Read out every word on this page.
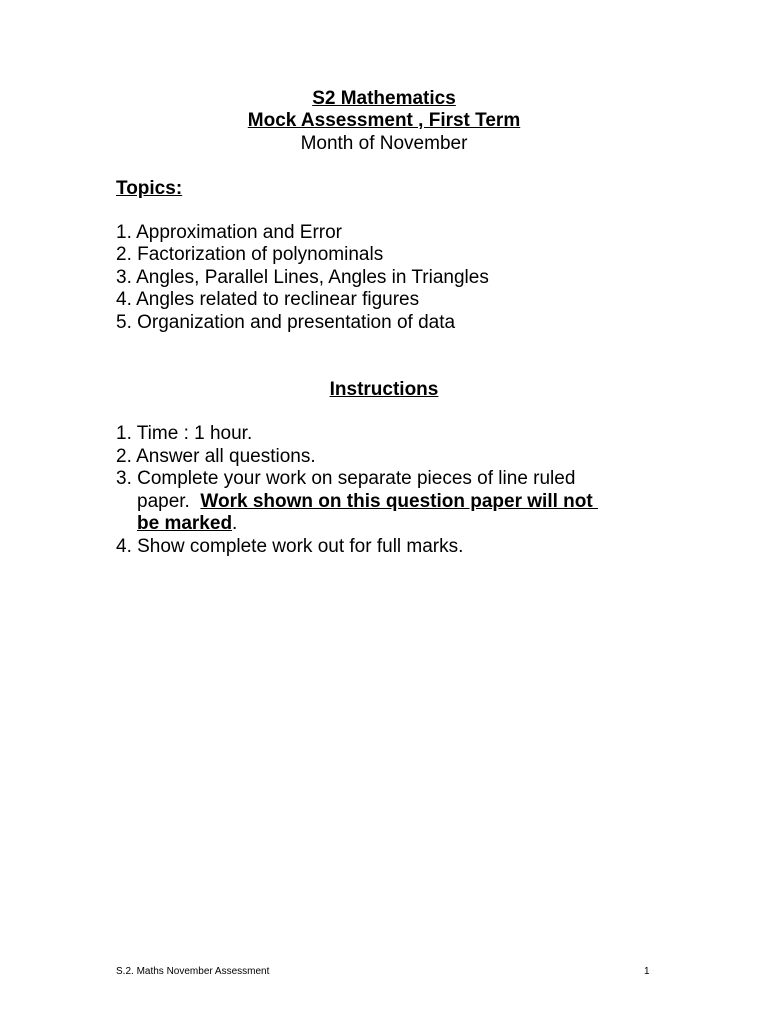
S2 Mathematics
Mock Assessment , First Term
Month of November
Topics:
1. Approximation and Error
2. Factorization of polynominals
3. Angles, Parallel Lines, Angles in Triangles
4. Angles related to reclinear figures
5. Organization and presentation of data
Instructions
1. Time : 1 hour.
2. Answer all questions.
3. Complete your work on separate pieces of line ruled
paper.  Work shown on this question paper will not
be marked.
4. Show complete work out for full marks.
S.2. Maths November Assessment	1
